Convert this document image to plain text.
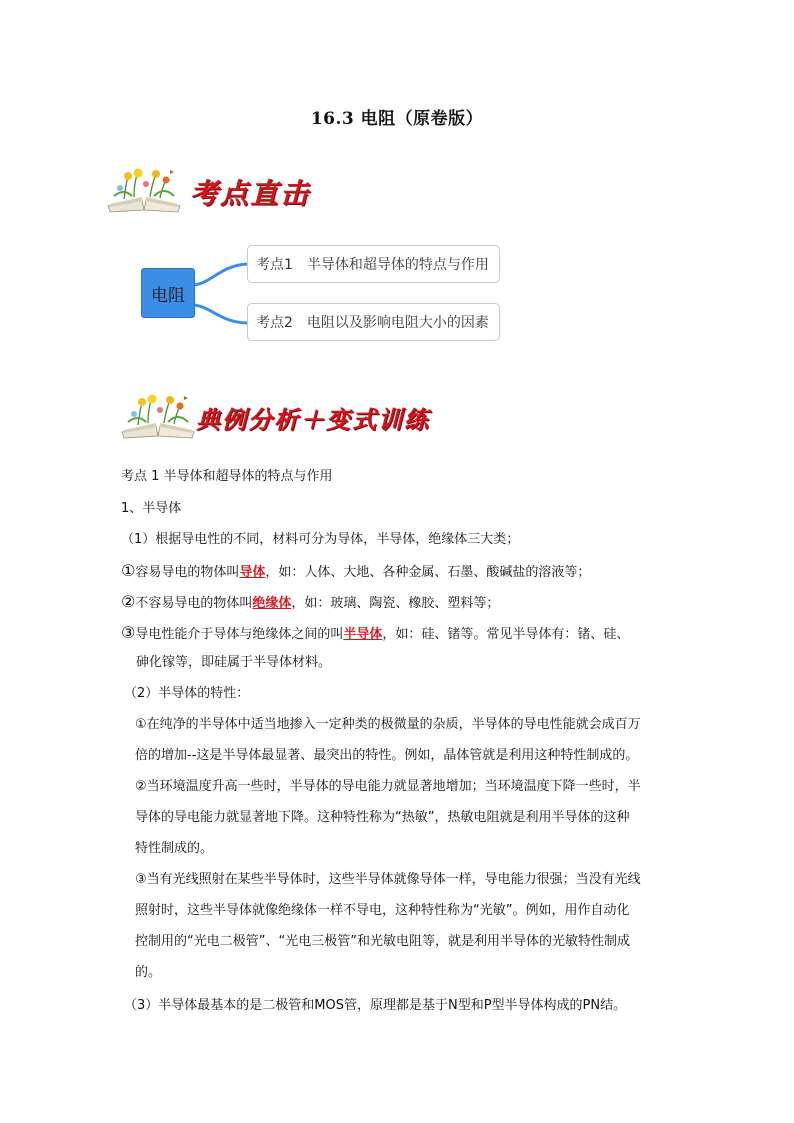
16.3 电阻（原卷版）
考点直击
电阻
考点1 半导体和超导体的特点与作用
考点2 电阻以及影响电阻大小的因素
典例分析＋变式训练
考点 1 半导体和超导体的特点与作用
1、半导体
（1）根据导电性的不同，材料可分为导体，半导体，绝缘体三大类；
①容易导电的物体叫导体，如：人体、大地、各种金属、石墨、酸碱盐的溶液等；
②不容易导电的物体叫绝缘体，如：玻璃、陶瓷、橡胶、塑料等；
③导电性能介于导体与绝缘体之间的叫半导体，如：硅、锗等。常见半导体有：锗、硅、
砷化镓等，即硅属于半导体材料。
（2）半导体的特性：
①在纯净的半导体中适当地掺入一定种类的极微量的杂质，半导体的导电性能就会成百万
倍的增加--这是半导体最显著、最突出的特性。例如，晶体管就是利用这种特性制成的。
②当环境温度升高一些时，半导体的导电能力就显著地增加；当环境温度下降一些时，半
导体的导电能力就显著地下降。这种特性称为“热敏”，热敏电阻就是利用半导体的这种
特性制成的。
③当有光线照射在某些半导体时，这些半导体就像导体一样，导电能力很强；当没有光线
照射时，这些半导体就像绝缘体一样不导电，这种特性称为“光敏”。例如，用作自动化
控制用的“光电二极管”、“光电三极管”和光敏电阻等，就是利用半导体的光敏特性制成
的。
（3）半导体最基本的是二极管和MOS管，原理都是基于N型和P型半导体构成的PN结。
